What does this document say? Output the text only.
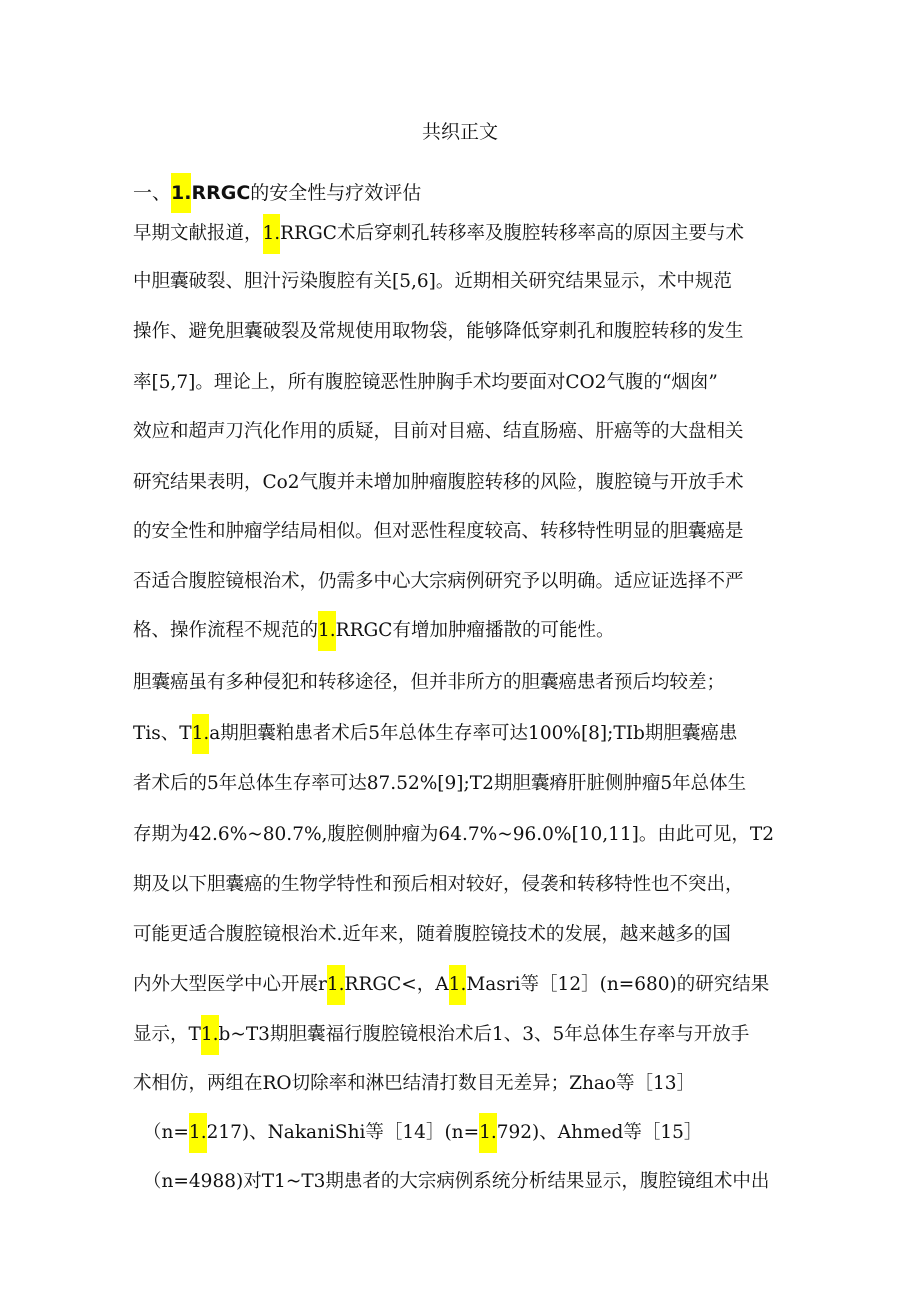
共织正文
一、1.RRGC的安全性与疗效评估
早期文献报道，1.RRGC术后穿刺孔转移率及腹腔转移率高的原因主要与术
中胆囊破裂、胆汁污染腹腔有关[5,6]。近期相关研究结果显示，术中规范
操作、避免胆囊破裂及常规使用取物袋，能够降低穿刺孔和腹腔转移的发生
率[5,7]。理论上，所有腹腔镜恶性肿胸手术均要面对CO2气腹的“烟囱”
效应和超声刀汽化作用的质疑，目前对目癌、结直肠癌、肝癌等的大盘相关
研究结果表明，Co2气腹并未增加肿瘤腹腔转移的风险，腹腔镜与开放手术
的安全性和肿瘤学结局相似。但对恶性程度较高、转移特性明显的胆囊癌是
否适合腹腔镜根治术，仍需多中心大宗病例研究予以明确。适应证选择不严
格、操作流程不规范的1.RRGC有增加肿瘤播散的可能性。
胆囊癌虽有多种侵犯和转移途径，但并非所方的胆囊癌患者预后均较差；
Tis、T1.a期胆囊粕患者术后5年总体生存率可达100%[8];TIb期胆囊癌患
者术后的5年总体生存率可达87.52%[9];T2期胆囊瘠肝脏侧肿瘤5年总体生
存期为42.6%~80.7%,腹腔侧肿瘤为64.7%~96.0%[10,11]。由此可见，T2
期及以下胆囊癌的生物学特性和预后相对较好，侵袭和转移特性也不突出，
可能更适合腹腔镜根治术.近年来，随着腹腔镜技术的发展，越来越多的国
内外大型医学中心开展r1.RRGC<，A1.Masri等［12］(n=680)的研究结果
显示，T1.b~T3期胆囊福行腹腔镜根治术后1、3、5年总体生存率与开放手
术相仿，两组在RO切除率和淋巴结清打数目无差异；Zhao等［13］
（n=1.217)、NakaniShi等［14］(n=1.792)、Ahmed等［15］
（n=4988)对T1~T3期患者的大宗病例系统分析结果显示，腹腔镜组术中出
